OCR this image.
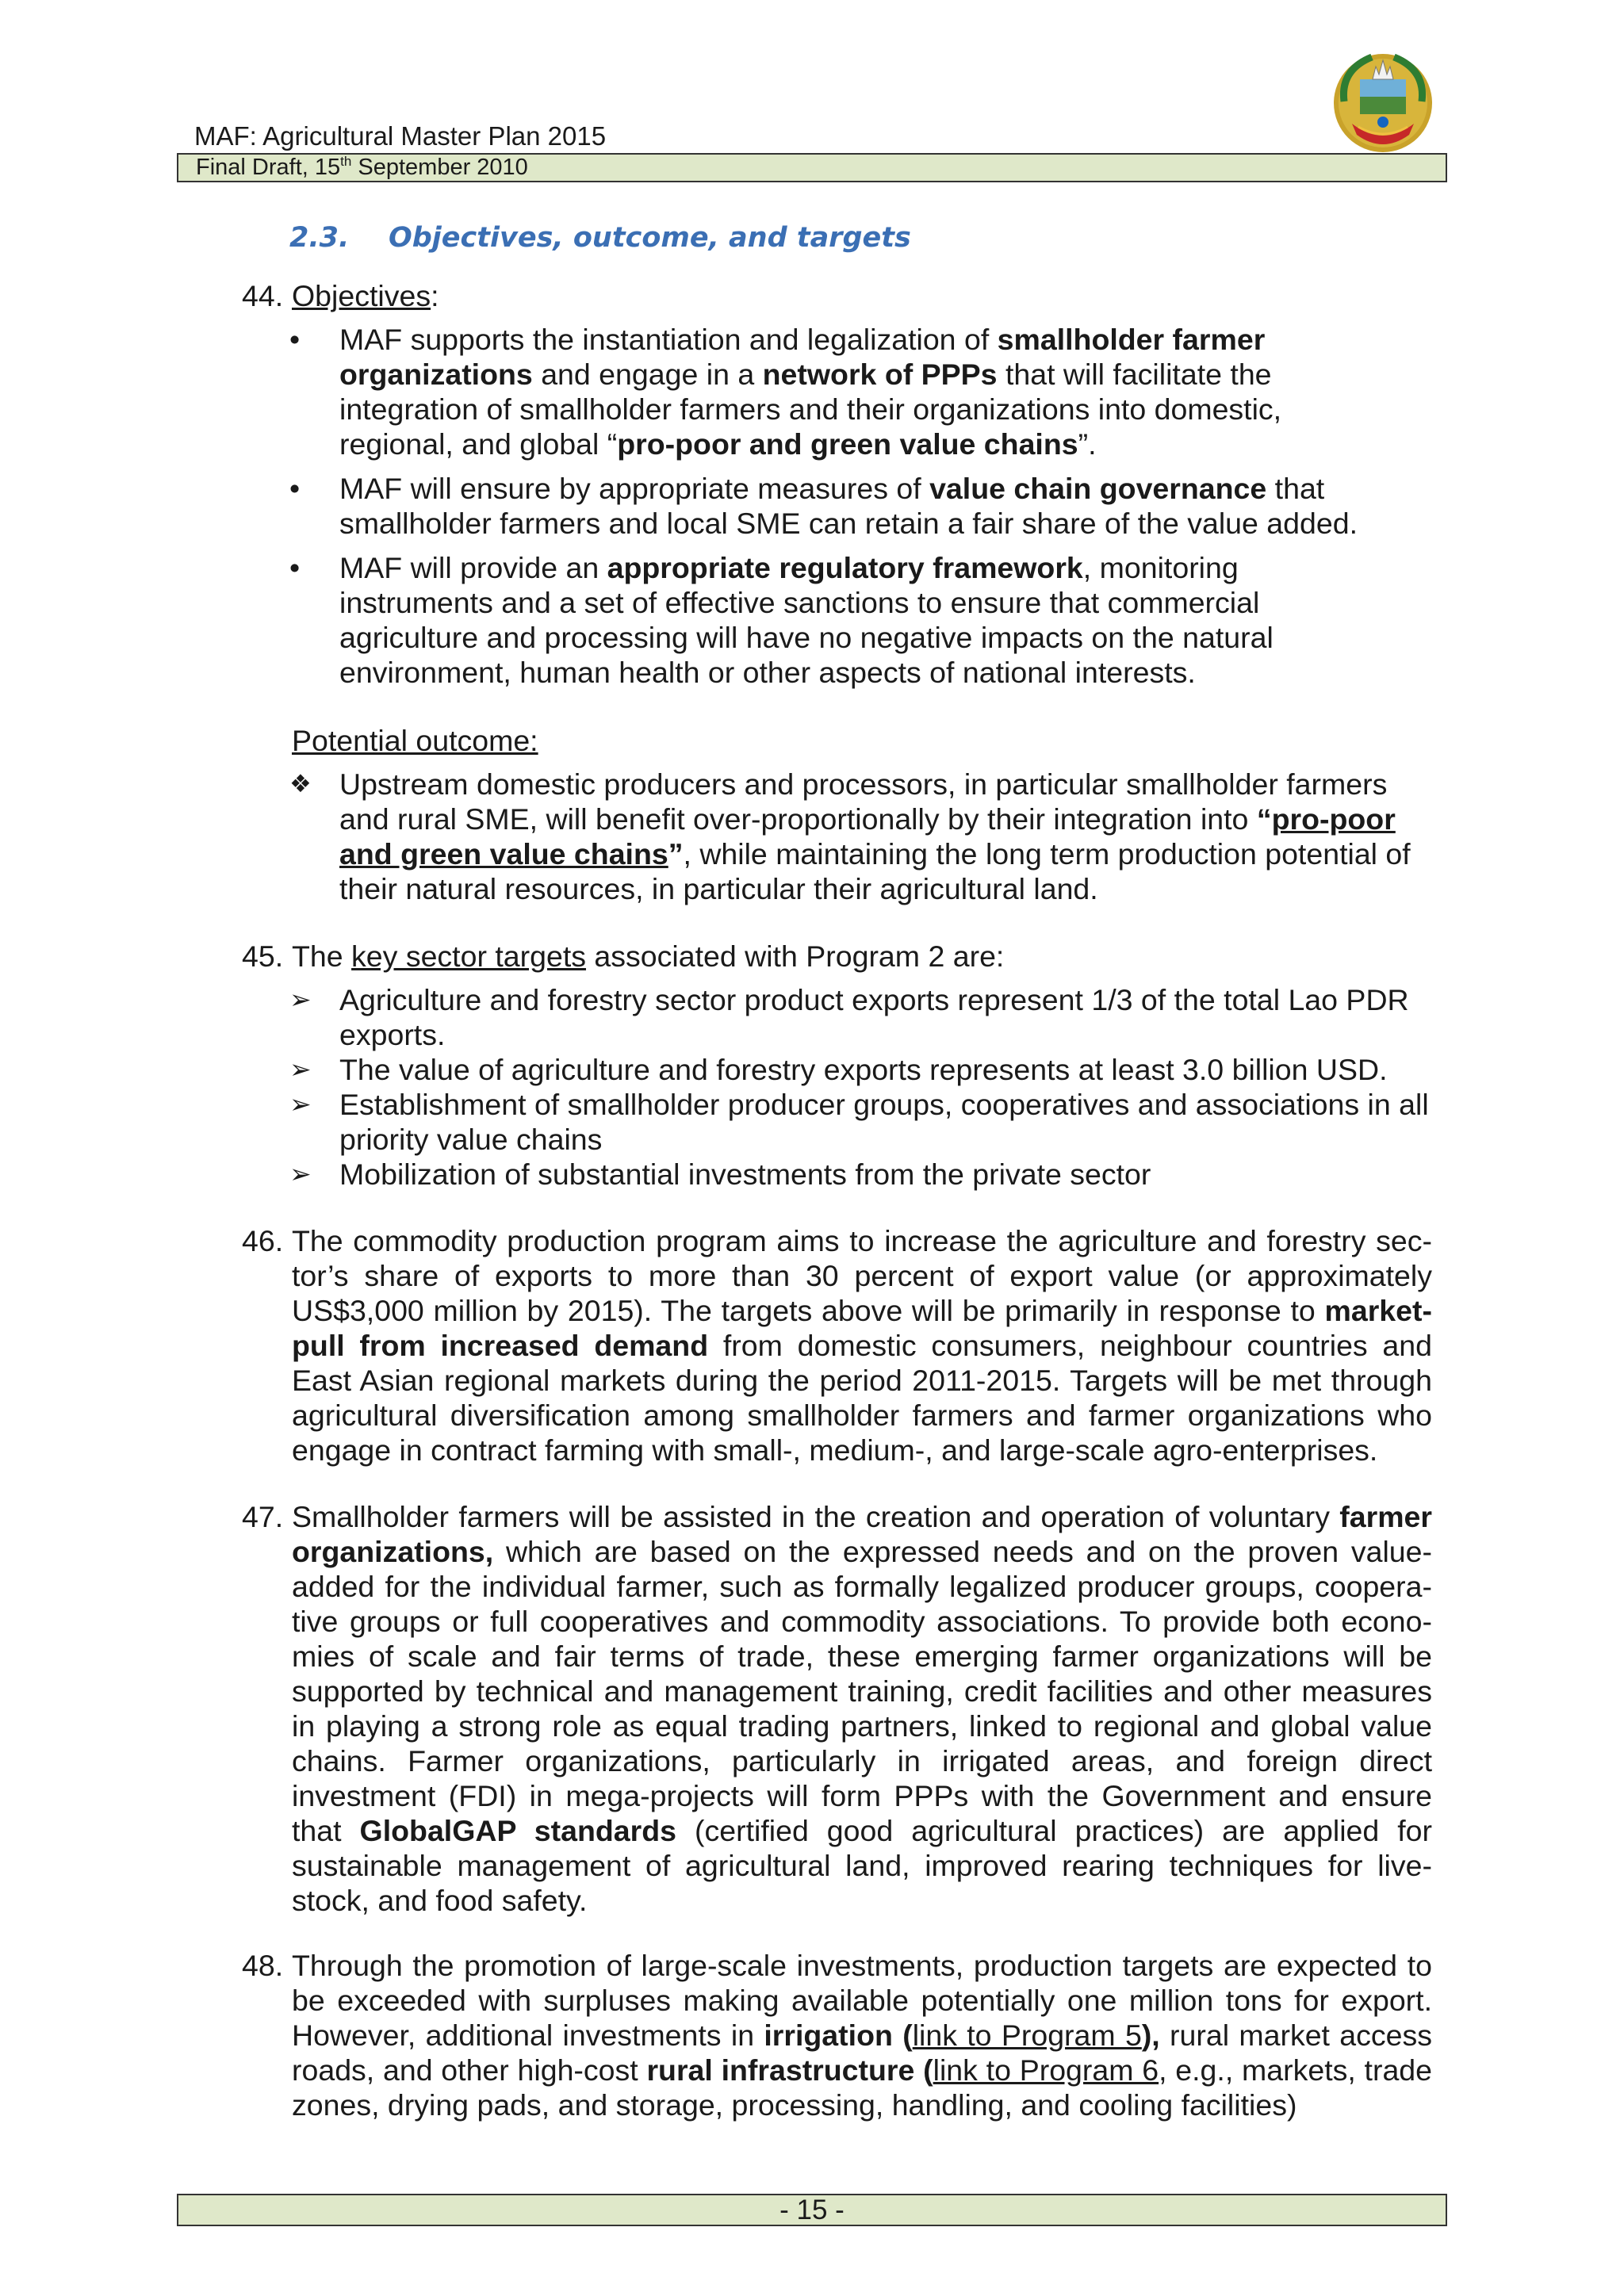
MAF: Agricultural Master Plan 2015
Final Draft, 15th September 2010
2.3. Objectives, outcome, and targets
44. Objectives:
• MAF supports the instantiation and legalization of smallholder farmer organizations and engage in a network of PPPs that will facilitate the integration of smallholder farmers and their organizations into domestic, regional, and global “pro-poor and green value chains”.
• MAF will ensure by appropriate measures of value chain governance that smallholder farmers and local SME can retain a fair share of the value added.
• MAF will provide an appropriate regulatory framework, monitoring instruments and a set of effective sanctions to ensure that commercial agriculture and processing will have no negative impacts on the natural environment, human health or other aspects of national interests.
Potential outcome:
❖ Upstream domestic producers and processors, in particular smallholder farmers and rural SME, will benefit over-proportionally by their integration into “pro-poor and green value chains”, while maintaining the long term production potential of their natural resources, in particular their agricultural land.
45. The key sector targets associated with Program 2 are:
➢ Agriculture and forestry sector product exports represent 1/3 of the total Lao PDR exports.
➢ The value of agriculture and forestry exports represents at least 3.0 billion USD.
➢ Establishment of smallholder producer groups, cooperatives and associations in all priority value chains
➢ Mobilization of substantial investments from the private sector
46. The commodity production program aims to increase the agriculture and forestry sector’s share of exports to more than 30 percent of export value (or approximately US$3,000 million by 2015). The targets above will be primarily in response to market-pull from increased demand from domestic consumers, neighbour countries and East Asian regional markets during the period 2011-2015. Targets will be met through agricultural diversification among smallholder farmers and farmer organizations who engage in contract farming with small-, medium-, and large-scale agro-enterprises.
47. Smallholder farmers will be assisted in the creation and operation of voluntary farmer organizations, which are based on the expressed needs and on the proven value-added for the individual farmer, such as formally legalized producer groups, cooperative groups or full cooperatives and commodity associations. To provide both economies of scale and fair terms of trade, these emerging farmer organizations will be supported by technical and management training, credit facilities and other measures in playing a strong role as equal trading partners, linked to regional and global value chains. Farmer organizations, particularly in irrigated areas, and foreign direct investment (FDI) in mega-projects will form PPPs with the Government and ensure that GlobalGAP standards (certified good agricultural practices) are applied for sustainable management of agricultural land, improved rearing techniques for livestock, and food safety.
48. Through the promotion of large-scale investments, production targets are expected to be exceeded with surpluses making available potentially one million tons for export. However, additional investments in irrigation (link to Program 5), rural market access roads, and other high-cost rural infrastructure (link to Program 6, e.g., markets, trade zones, drying pads, and storage, processing, handling, and cooling facilities)
- 15 -
